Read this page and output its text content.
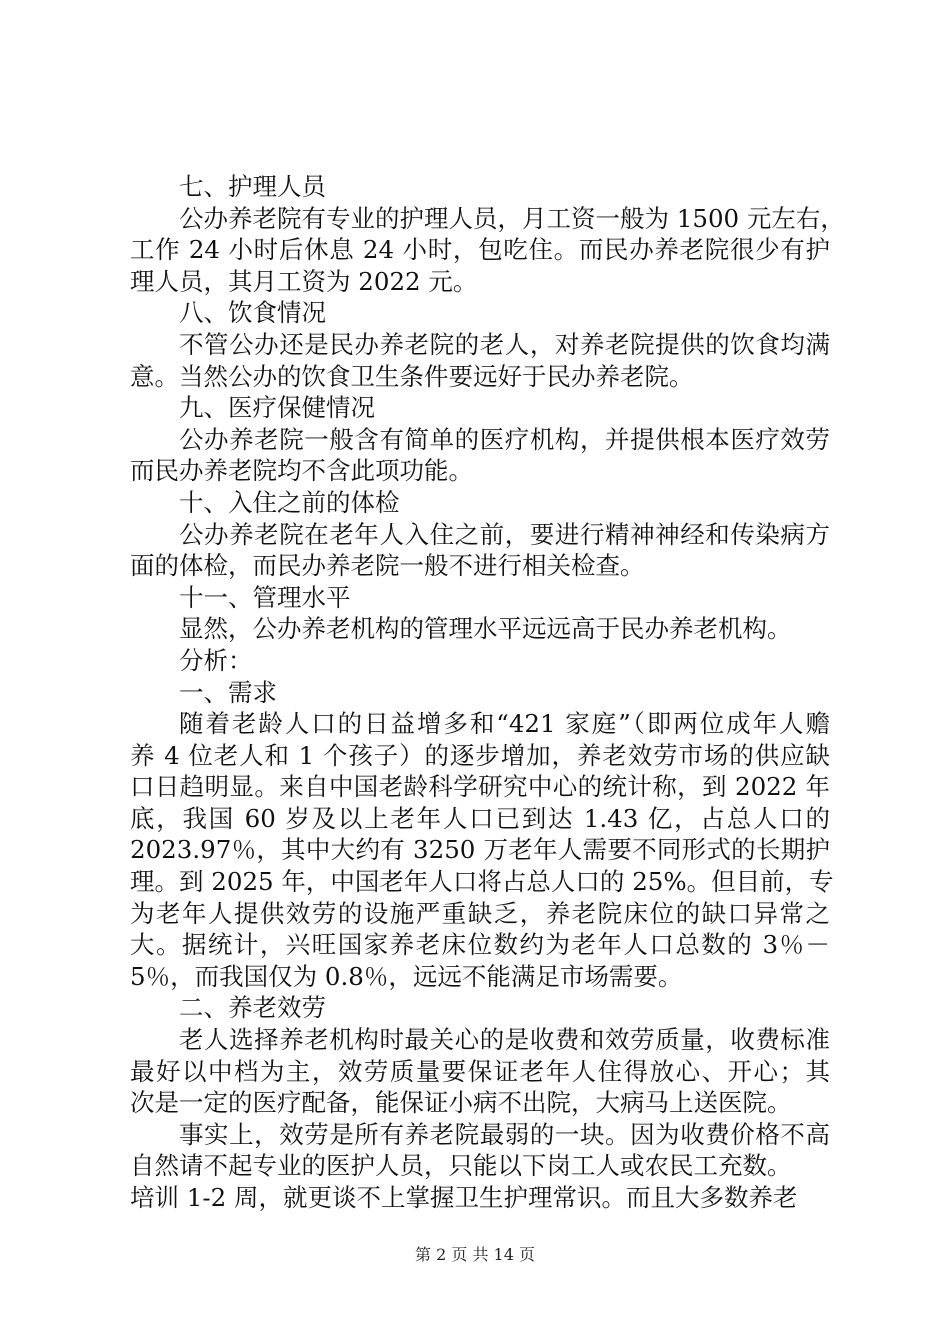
七、护理人员
公办养老院有专业的护理人员，月工资一般为 1500 元左右，
工作 24 小时后休息 24 小时，包吃住。而民办养老院很少有护
理人员，其月工资为 2022 元。
八、饮食情况
不管公办还是民办养老院的老人，对养老院提供的饮食均满
意。当然公办的饮食卫生条件要远好于民办养老院。
九、医疗保健情况
公办养老院一般含有简单的医疗机构，并提供根本医疗效劳
而民办养老院均不含此项功能。
十、入住之前的体检
公办养老院在老年人入住之前，要进行精神神经和传染病方
面的体检，而民办养老院一般不进行相关检查。
十一、管理水平
显然，公办养老机构的管理水平远远高于民办养老机构。
分析：
一、需求
随着老龄人口的日益增多和“421 家庭”（即两位成年人赡
养 4 位老人和 1 个孩子）的逐步增加，养老效劳市场的供应缺
口日趋明显。来自中国老龄科学研究中心的统计称，到 2022 年
底，我国 60 岁及以上老年人口已到达 1.43 亿，占总人口的
2023.97％，其中大约有 3250 万老年人需要不同形式的长期护
理。到 2025 年，中国老年人口将占总人口的 25%。但目前，专
为老年人提供效劳的设施严重缺乏，养老院床位的缺口异常之
大。据统计，兴旺国家养老床位数约为老年人口总数的 3％－
5％，而我国仅为 0.8％，远远不能满足市场需要。
二、养老效劳
老人选择养老机构时最关心的是收费和效劳质量，收费标准
最好以中档为主，效劳质量要保证老年人住得放心、开心；其
次是一定的医疗配备，能保证小病不出院，大病马上送医院。
事实上，效劳是所有养老院最弱的一块。因为收费价格不高
自然请不起专业的医护人员，只能以下岗工人或农民工充数。
培训 1-2 周，就更谈不上掌握卫生护理常识。而且大多数养老
第 2 页 共 14 页
